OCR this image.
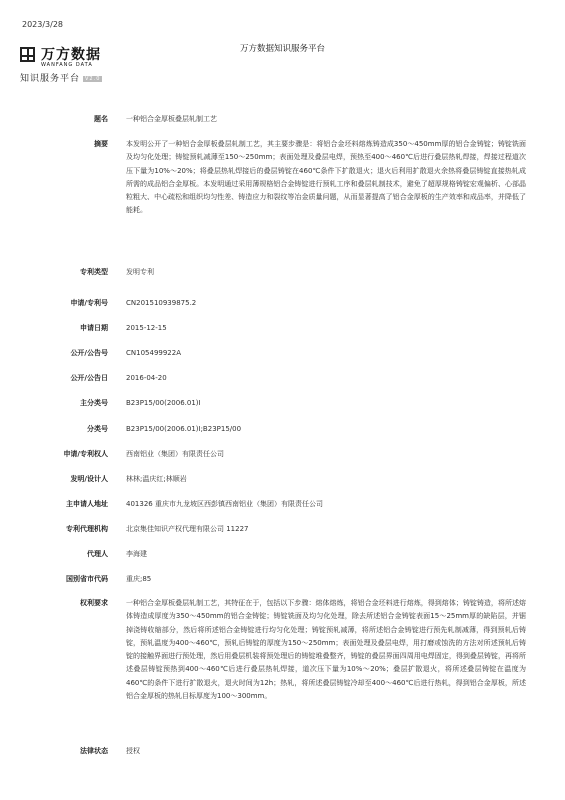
2023/3/28
万方数据知识服务平台
万方数据
WANFANG DATA
知识服务平台 V2.0
题名	一种铝合金厚板叠层轧制工艺
摘要	本发明公开了一种铝合金厚板叠层轧制工艺，其主要步骤是：将铝合金坯料熔炼铸造成350～450mm厚的铝合金铸锭；铸锭铣面及均匀化处理；铸锭预轧减薄至150～250mm；表面处理及叠层电焊，预热至400～460℃后进行叠层热轧焊接，焊接过程道次压下量为10%～20%；将叠层热轧焊接后的叠层铸锭在460℃条件下扩散退火；退火后利用扩散退火余热将叠层铸锭直接热轧成所需的成品铝合金厚板。本发明通过采用薄规格铝合金铸锭进行预轧工序和叠层轧制技术，避免了超厚规格铸锭宏观偏析、心部晶粒粗大、中心疏松和组织均匀性差、铸造应力和裂纹等冶金质量问题，从而显著提高了铝合金厚板的生产效率和成品率，并降低了能耗。
专利类型	发明专利
申请/专利号	CN201510939875.2
申请日期	2015-12-15
公开/公告号	CN105499922A
公开/公告日	2016-04-20
主分类号	B23P15/00(2006.01)I
分类号	B23P15/00(2006.01)I;B23P15/00
申请/专利权人	西南铝业（集团）有限责任公司
发明/设计人	林林;温庆红;林顺岩
主申请人地址	401326 重庆市九龙坡区西彭镇西南铝业（集团）有限责任公司
专利代理机构	北京集佳知识产权代理有限公司 11227
代理人	李海建
国别省市代码	重庆;85
权利要求	一种铝合金厚板叠层轧制工艺，其特征在于，包括以下步骤：熔体熔炼，将铝合金坯料进行熔炼，得到熔体；铸锭铸造，将所述熔体铸造成厚度为350～450mm的铝合金铸锭；铸锭铣面及均匀化处理，除去所述铝合金铸锭表面15～25mm厚的缺陷层，并锯掉浇铸收缩部分，然后将所述铝合金铸锭进行均匀化处理；铸锭预轧减薄，将所述铝合金铸锭进行预先轧制减薄，得到预轧后铸锭，预轧温度为400～460℃，预轧后铸锭的厚度为150～250mm；表面处理及叠层电焊，用打磨或蚀洗的方法对所述预轧后铸锭的接触界面进行预处理，然后用叠层机装将预处理后的铸锭堆叠整齐，铸锭的叠层界面四周用电焊固定，得到叠层铸锭，再将所述叠层铸锭预热到400～460℃后进行叠层热轧焊接，道次压下量为10%～20%；叠层扩散退火，将所述叠层铸锭在温度为460℃的条件下进行扩散退火，退火时间为12h；热轧，将所述叠层铸锭冷却至400～460℃后进行热轧，得到铝合金厚板，所述铝合金厚板的热轧目标厚度为100～300mm。
法律状态	授权
